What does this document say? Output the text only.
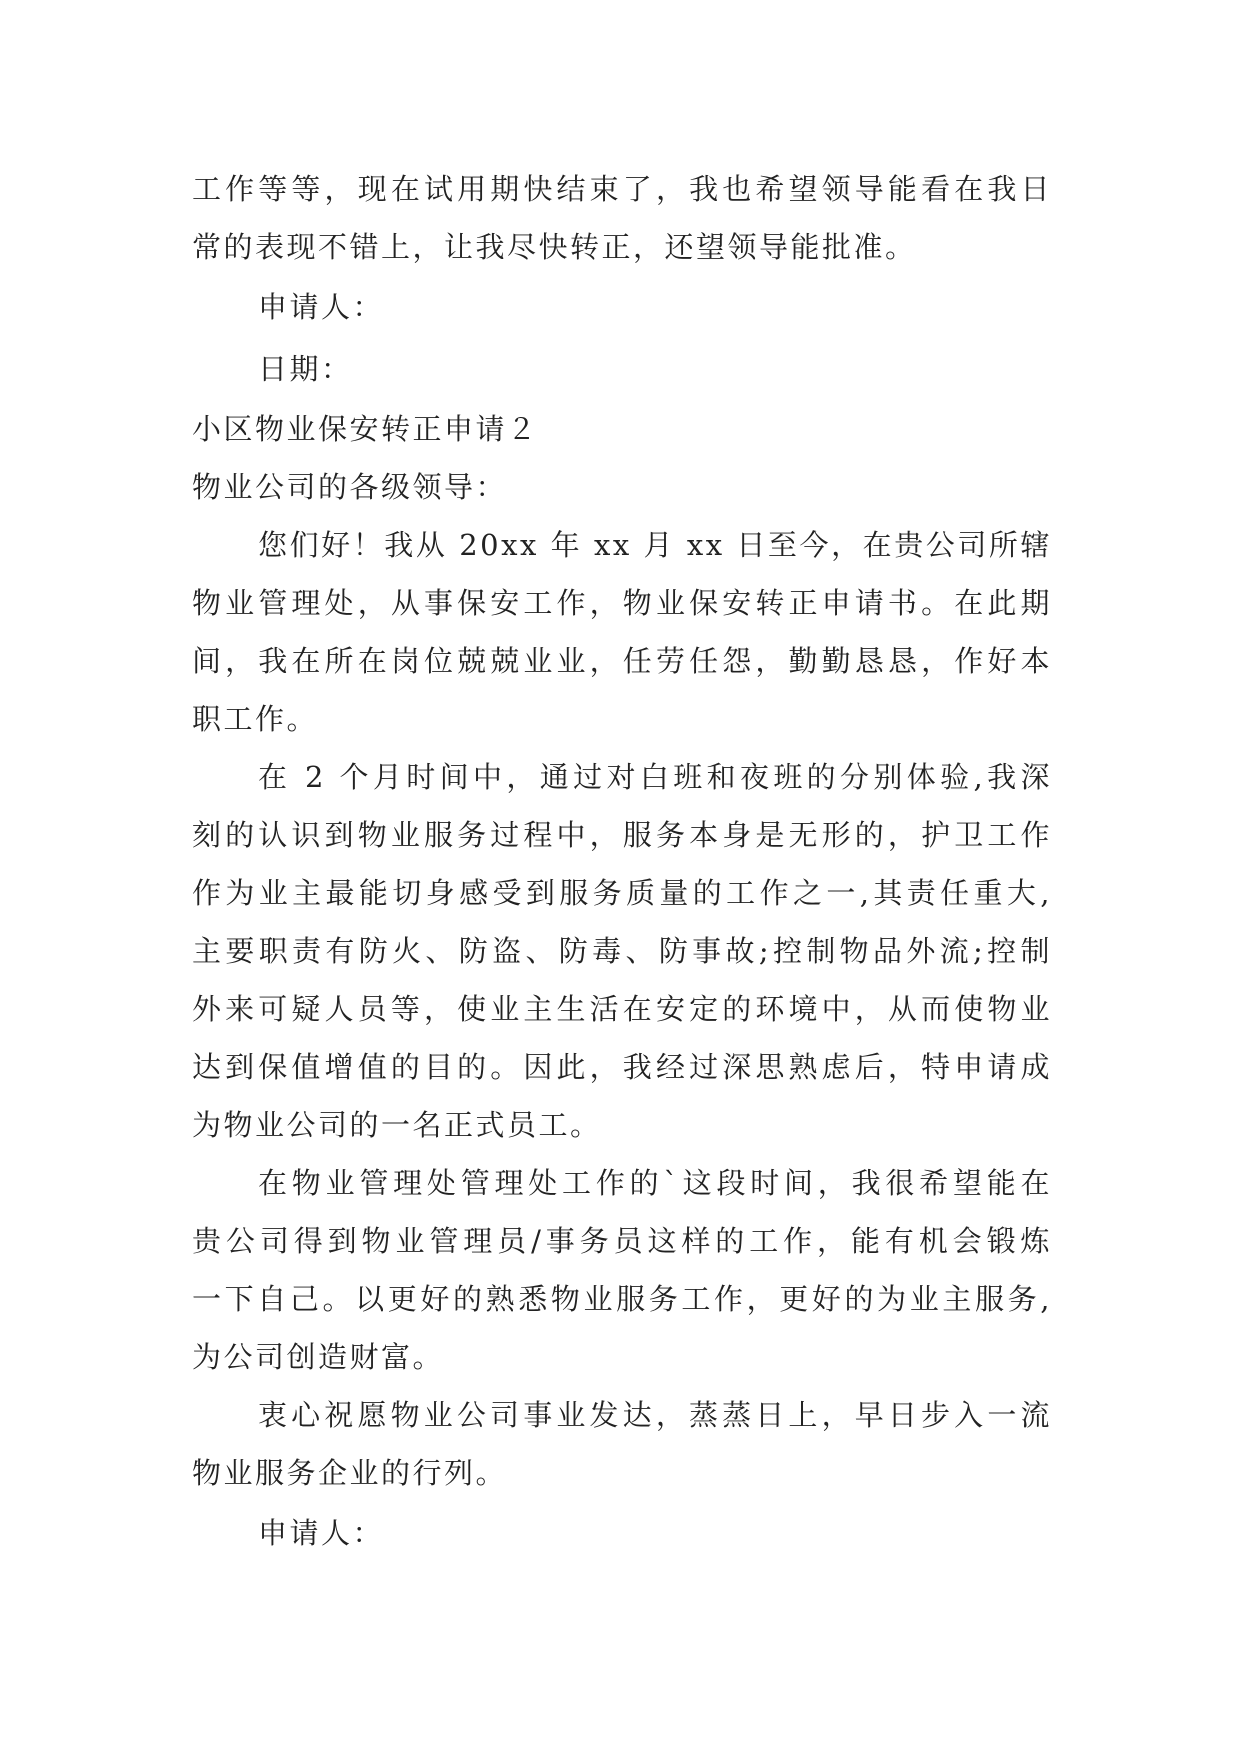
工作等等，现在试用期快结束了，我也希望领导能看在我日
常的表现不错上，让我尽快转正，还望领导能批准。
申请人：
日期：
小区物业保安转正申请２
物业公司的各级领导：
您们好！我从 20xx 年 xx 月 xx 日至今，在贵公司所辖
物业管理处，从事保安工作，物业保安转正申请书。在此期
间，我在所在岗位兢兢业业，任劳任怨，勤勤恳恳，作好本
职工作。
在 2 个月时间中，通过对白班和夜班的分别体验,我深
刻的认识到物业服务过程中，服务本身是无形的，护卫工作
作为业主最能切身感受到服务质量的工作之一,其责任重大,
主要职责有防火、防盗、防毒、防事故;控制物品外流;控制
外来可疑人员等，使业主生活在安定的环境中，从而使物业
达到保值增值的目的。因此，我经过深思熟虑后，特申请成
为物业公司的一名正式员工。
在物业管理处管理处工作的`这段时间，我很希望能在
贵公司得到物业管理员/事务员这样的工作，能有机会锻炼
一下自己。以更好的熟悉物业服务工作，更好的为业主服务,
为公司创造财富。
衷心祝愿物业公司事业发达，蒸蒸日上，早日步入一流
物业服务企业的行列。
申请人：
